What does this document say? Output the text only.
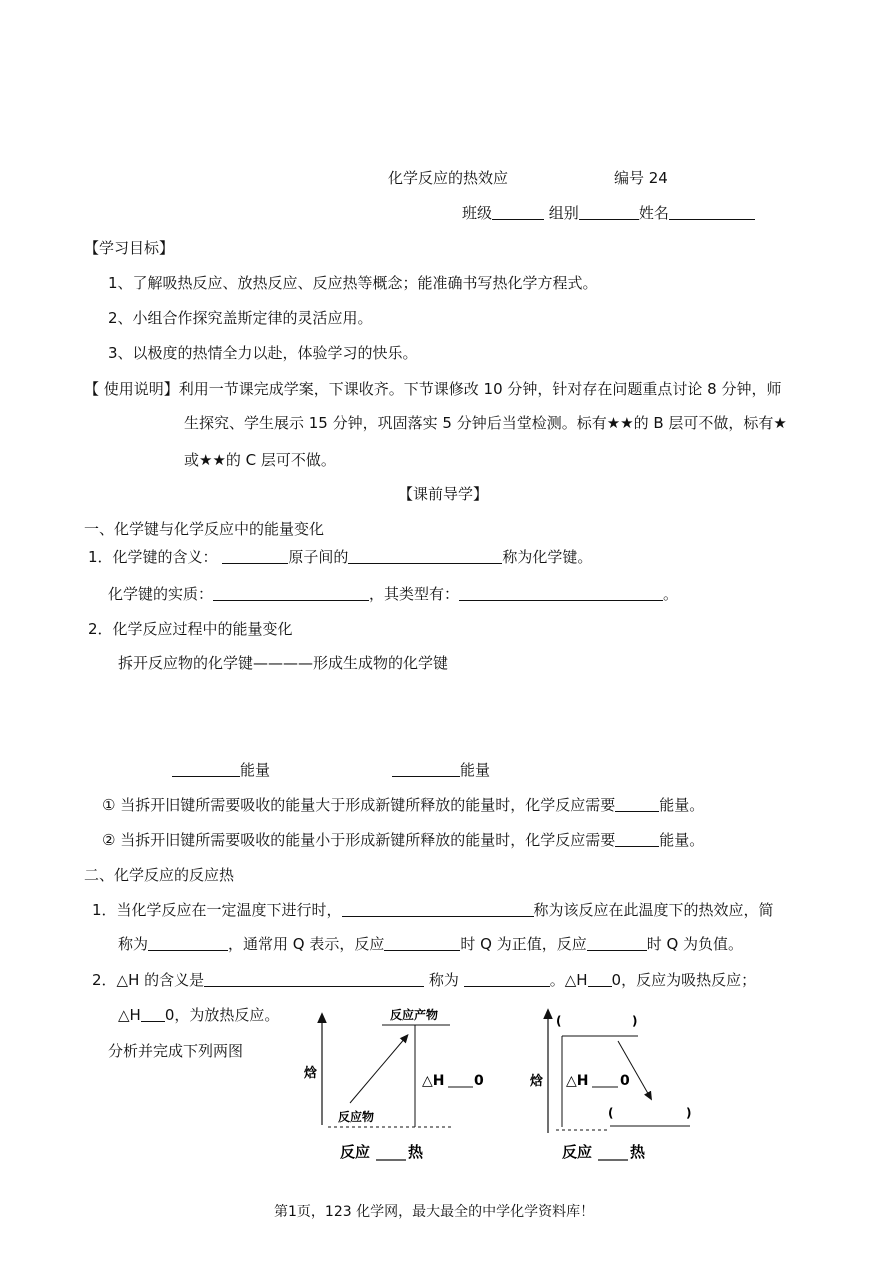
化学反应的热效应	编号 24
班级	组别	姓名
【学习目标】
1、了解吸热反应、放热反应、反应热等概念；能准确书写热化学方程式。
2、小组合作探究盖斯定律的灵活应用。
3、以极度的热情全力以赴，体验学习的快乐。
【 使用说明】利用一节课完成学案，下课收齐。下节课修改 10 分钟，针对存在问题重点讨论 8 分钟，师
生探究、学生展示 15 分钟，巩固落实 5 分钟后当堂检测。标有★★的 B 层可不做，标有★
或★★的 C 层可不做。
【课前导学】
一、化学键与化学反应中的能量变化
1．化学键的含义：	原子间的	称为化学键。
化学键的实质：	，其类型有：	。
2．化学反应过程中的能量变化
拆开反应物的化学键————形成生成物的化学键
能量	能量
① 当拆开旧键所需要吸收的能量大于形成新键所释放的能量时，化学反应需要	能量。
② 当拆开旧键所需要吸收的能量小于形成新键所释放的能量时，化学反应需要	能量。
二、化学反应的反应热
1．当化学反应在一定温度下进行时，	称为该反应在此温度下的热效应，简
称为	，通常用 Q 表示，反应	时 Q 为正值，反应	时 Q 为负值。
2．△H 的含义是	称为	。△H 0，反应为吸热反应；
△H 0，为放热反应。
分析并完成下列两图
焓
反应产物
反应物
△H 0
反应	热
焓
(	)
△H 0
(	)
反应	热
第1页，123 化学网，最大最全的中学化学资料库！
